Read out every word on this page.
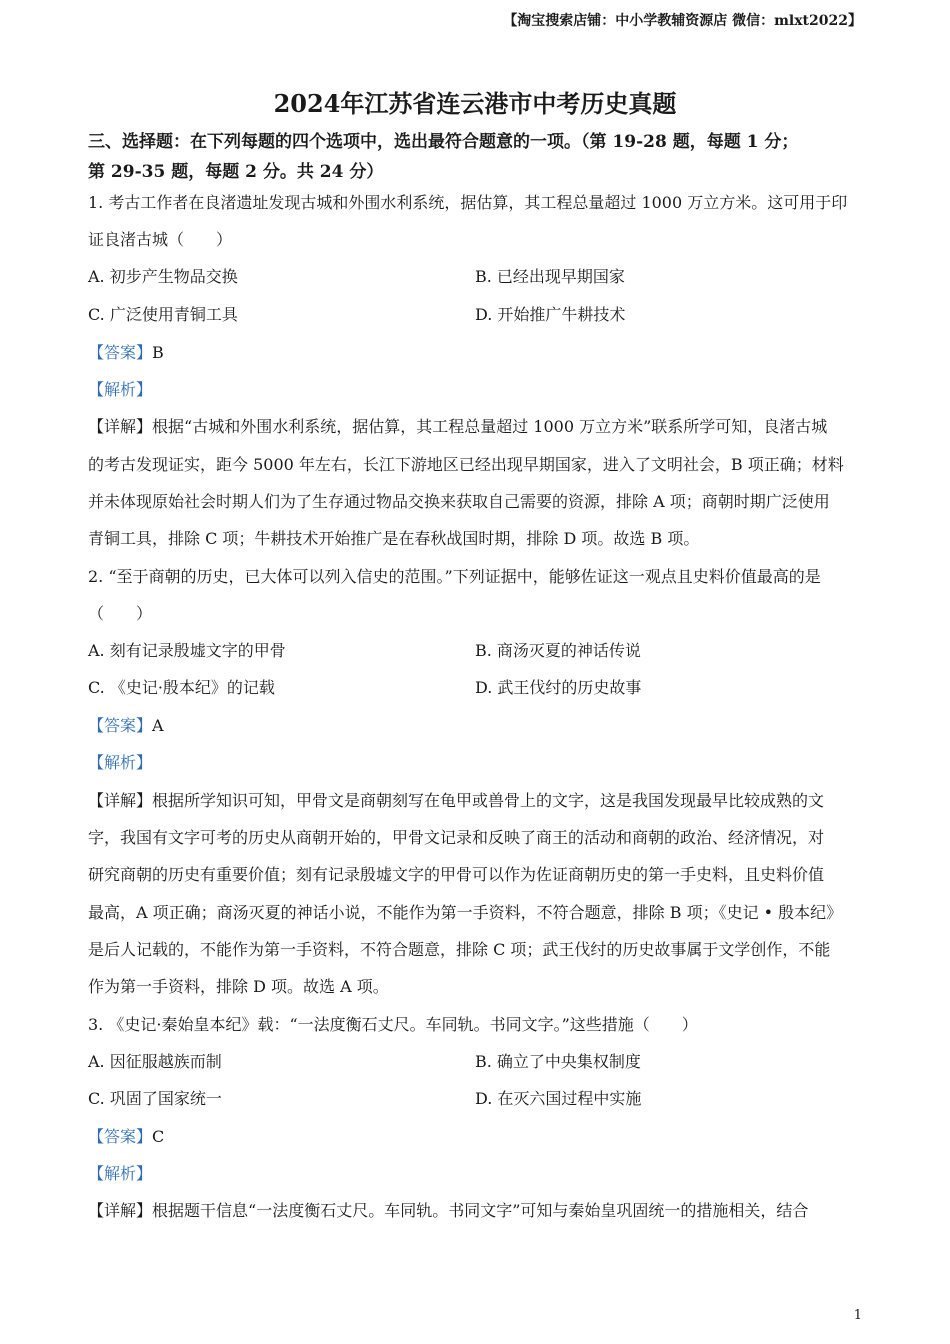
【淘宝搜索店铺：中小学教辅资源店 微信：mlxt2022】
2024年江苏省连云港市中考历史真题
三、选择题：在下列每题的四个选项中，选出最符合题意的一项。（第 19-28 题，每题 1 分；
第 29-35 题，每题 2 分。共 24 分）
1. 考古工作者在良渚遗址发现古城和外围水利系统，据估算，其工程总量超过 1000 万立方米。这可用于印
证良渚古城（　　）
A. 初步产生物品交换	B. 已经出现早期国家
C. 广泛使用青铜工具	D. 开始推广牛耕技术
【答案】B
【解析】
【详解】根据“古城和外围水利系统，据估算，其工程总量超过 1000 万立方米”联系所学可知，良渚古城
的考古发现证实，距今 5000 年左右，长江下游地区已经出现早期国家，进入了文明社会，B 项正确；材料
并未体现原始社会时期人们为了生存通过物品交换来获取自己需要的资源，排除 A 项；商朝时期广泛使用
青铜工具，排除 C 项；牛耕技术开始推广是在春秋战国时期，排除 D 项。故选 B 项。
2. “至于商朝的历史，已大体可以列入信史的范围。”下列证据中，能够佐证这一观点且史料价值最高的是
（　　）
A. 刻有记录殷墟文字的甲骨	B. 商汤灭夏的神话传说
C. 《史记·殷本纪》的记载	D. 武王伐纣的历史故事
【答案】A
【解析】
【详解】根据所学知识可知，甲骨文是商朝刻写在龟甲或兽骨上的文字，这是我国发现最早比较成熟的文
字，我国有文字可考的历史从商朝开始的，甲骨文记录和反映了商王的活动和商朝的政治、经济情况，对
研究商朝的历史有重要价值；刻有记录殷墟文字的甲骨可以作为佐证商朝历史的第一手史料，且史料价值
最高，A 项正确；商汤灭夏的神话小说，不能作为第一手资料，不符合题意，排除 B 项；《史记 • 殷本纪》
是后人记载的，不能作为第一手资料，不符合题意，排除 C 项；武王伐纣的历史故事属于文学创作，不能
作为第一手资料，排除 D 项。故选 A 项。
3. 《史记·秦始皇本纪》载：“一法度衡石丈尺。车同轨。书同文字。”这些措施（　　）
A. 因征服越族而制	B. 确立了中央集权制度
C. 巩固了国家统一	D. 在灭六国过程中实施
【答案】C
【解析】
【详解】根据题干信息“一法度衡石丈尺。车同轨。书同文字”可知与秦始皇巩固统一的措施相关，结合
1
